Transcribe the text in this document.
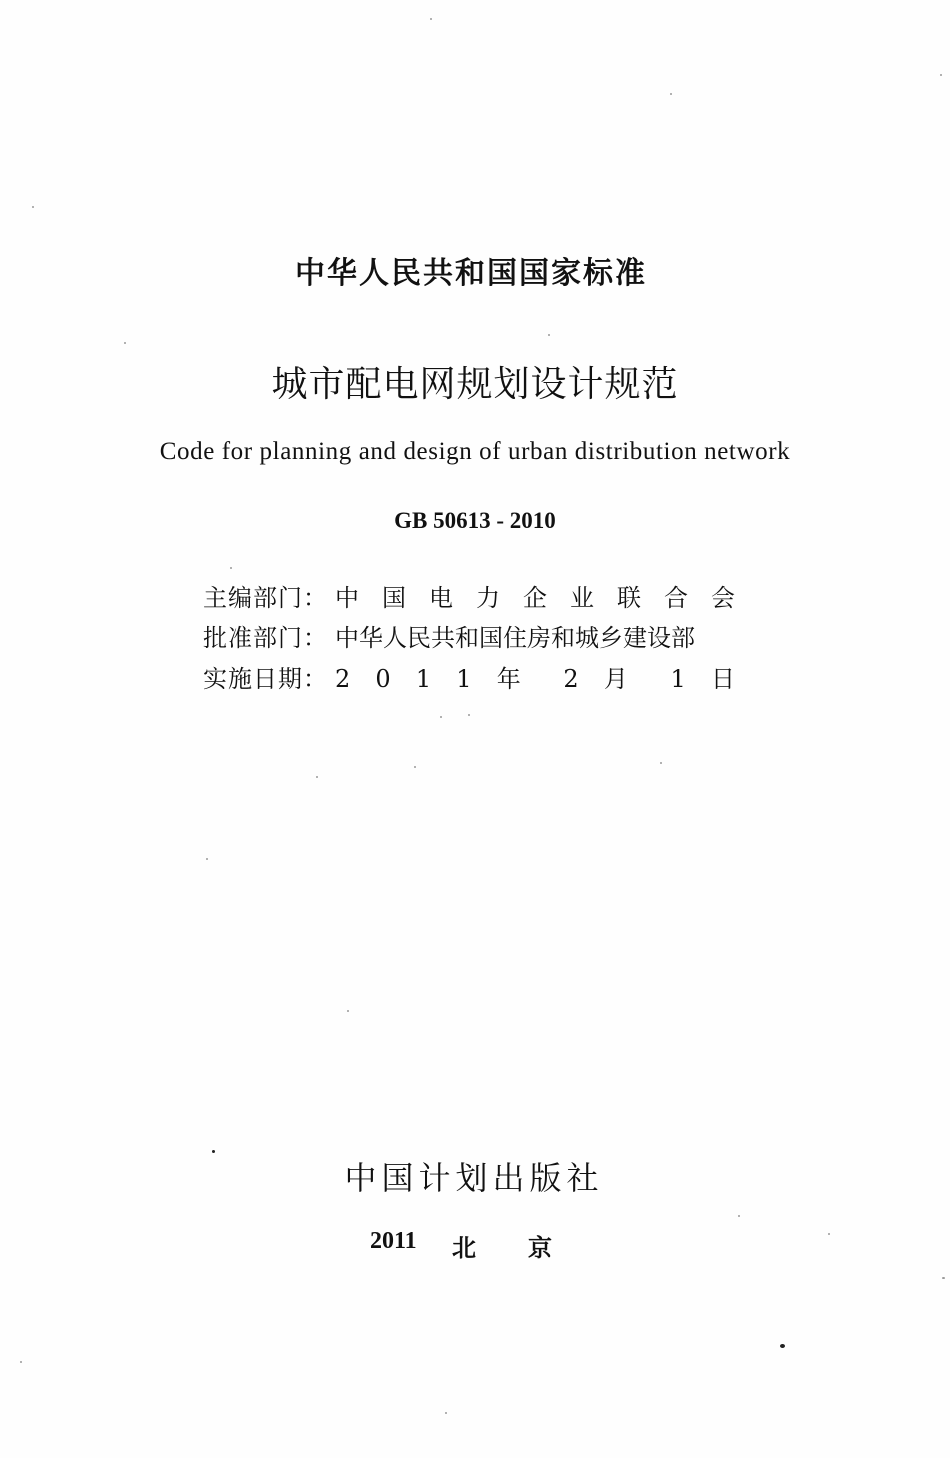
中华人民共和国国家标准
城市配电网规划设计规范
Code for planning and design of urban distribution network
GB 50613 - 2010
主编部门： 中 国 电 力 企 业 联 合 会
批准部门： 中华人民共和国住房和城乡建设部
实施日期： 2 0 1 1 年 2 月 1 日
中国计划出版社
2011 北京
